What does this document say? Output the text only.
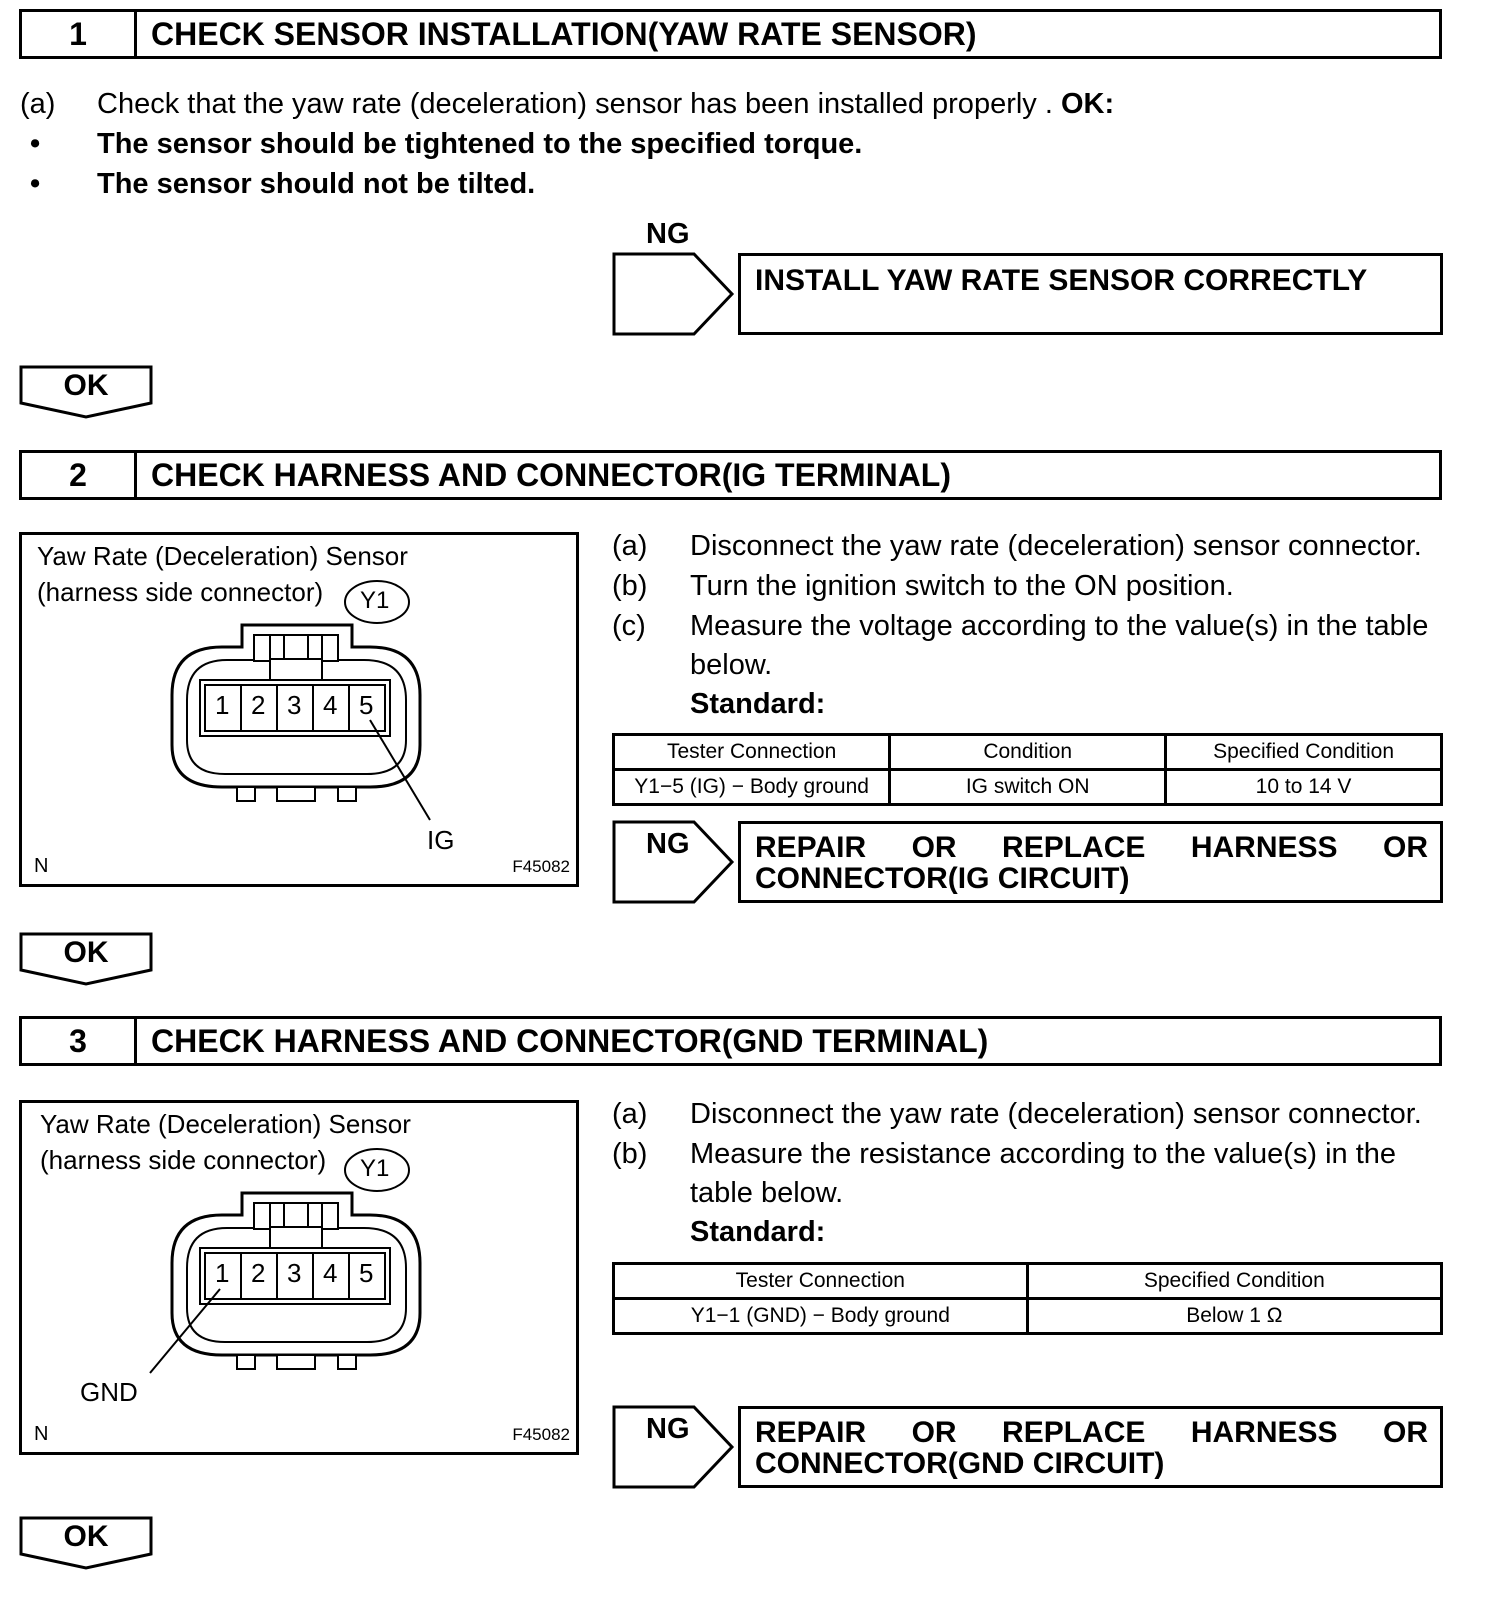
1	CHECK SENSOR INSTALLATION(YAW RATE SENSOR)
(a) Check that the yaw rate (deceleration) sensor has been installed properly . OK:
• The sensor should be tightened to the specified torque.
• The sensor should not be tilted.
NG
INSTALL YAW RATE SENSOR CORRECTLY
OK
2	CHECK HARNESS AND CONNECTOR(IG TERMINAL)
Yaw Rate (Deceleration) Sensor
(harness side connector) Y1
1 2 3 4 5
IG
N	F45082
(a) Disconnect the yaw rate (deceleration) sensor connector.
(b) Turn the ignition switch to the ON position.
(c) Measure the voltage according to the value(s) in the table
below.
Standard:
Tester Connection	Condition	Specified Condition
Y1−5 (IG) − Body ground	IG switch ON	10 to 14 V
NG REPAIR OR REPLACE HARNESS OR
CONNECTOR(IG CIRCUIT)
OK
3	CHECK HARNESS AND CONNECTOR(GND TERMINAL)
Yaw Rate (Deceleration) Sensor
(harness side connector) Y1
1 2 3 4 5
GND
N	F45082
(a) Disconnect the yaw rate (deceleration) sensor connector.
(b) Measure the resistance according to the value(s) in the
table below.
Standard:
Tester Connection	Specified Condition
Y1−1 (GND) − Body ground	Below 1 Ω
NG REPAIR OR REPLACE HARNESS OR
CONNECTOR(GND CIRCUIT)
OK
